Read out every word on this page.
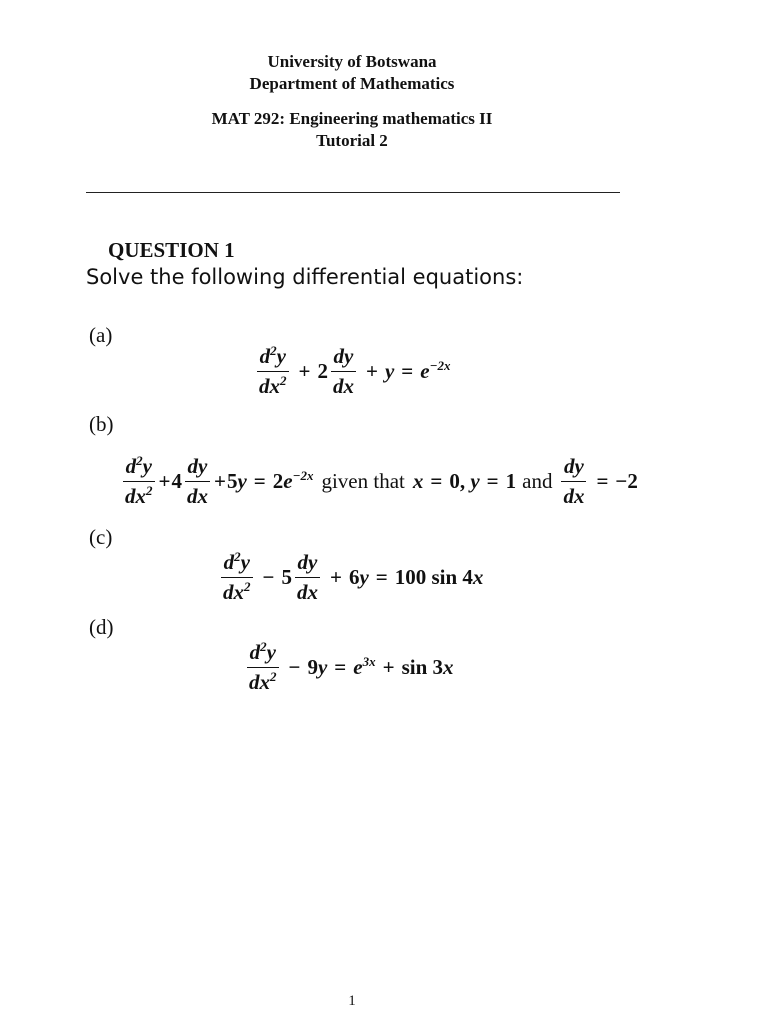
University of Botswana
Department of Mathematics
MAT 292: Engineering mathematics II
Tutorial 2
QUESTION 1
Solve the following differential equations:
(a)
$\frac{d^2y}{dx^2} + 2 \frac{dy}{dx} + y = e^{-2x}$
(b)
$\frac{d^2y}{dx^2} + 4 \frac{dy}{dx} + 5$ y = 2 $e^{-2x}$ given that x = 0,
y = 1 and $\frac{dy}{dx} = -2$
(c)
$\frac{d^2y}{dx^2} - 5 \frac{dy}{dx} + 6$ y = 100 sin 4 x
(d)
$\frac{d^2y}{dx^2} - 9$ $y = e^{3x} + \sin 3$ x
1
